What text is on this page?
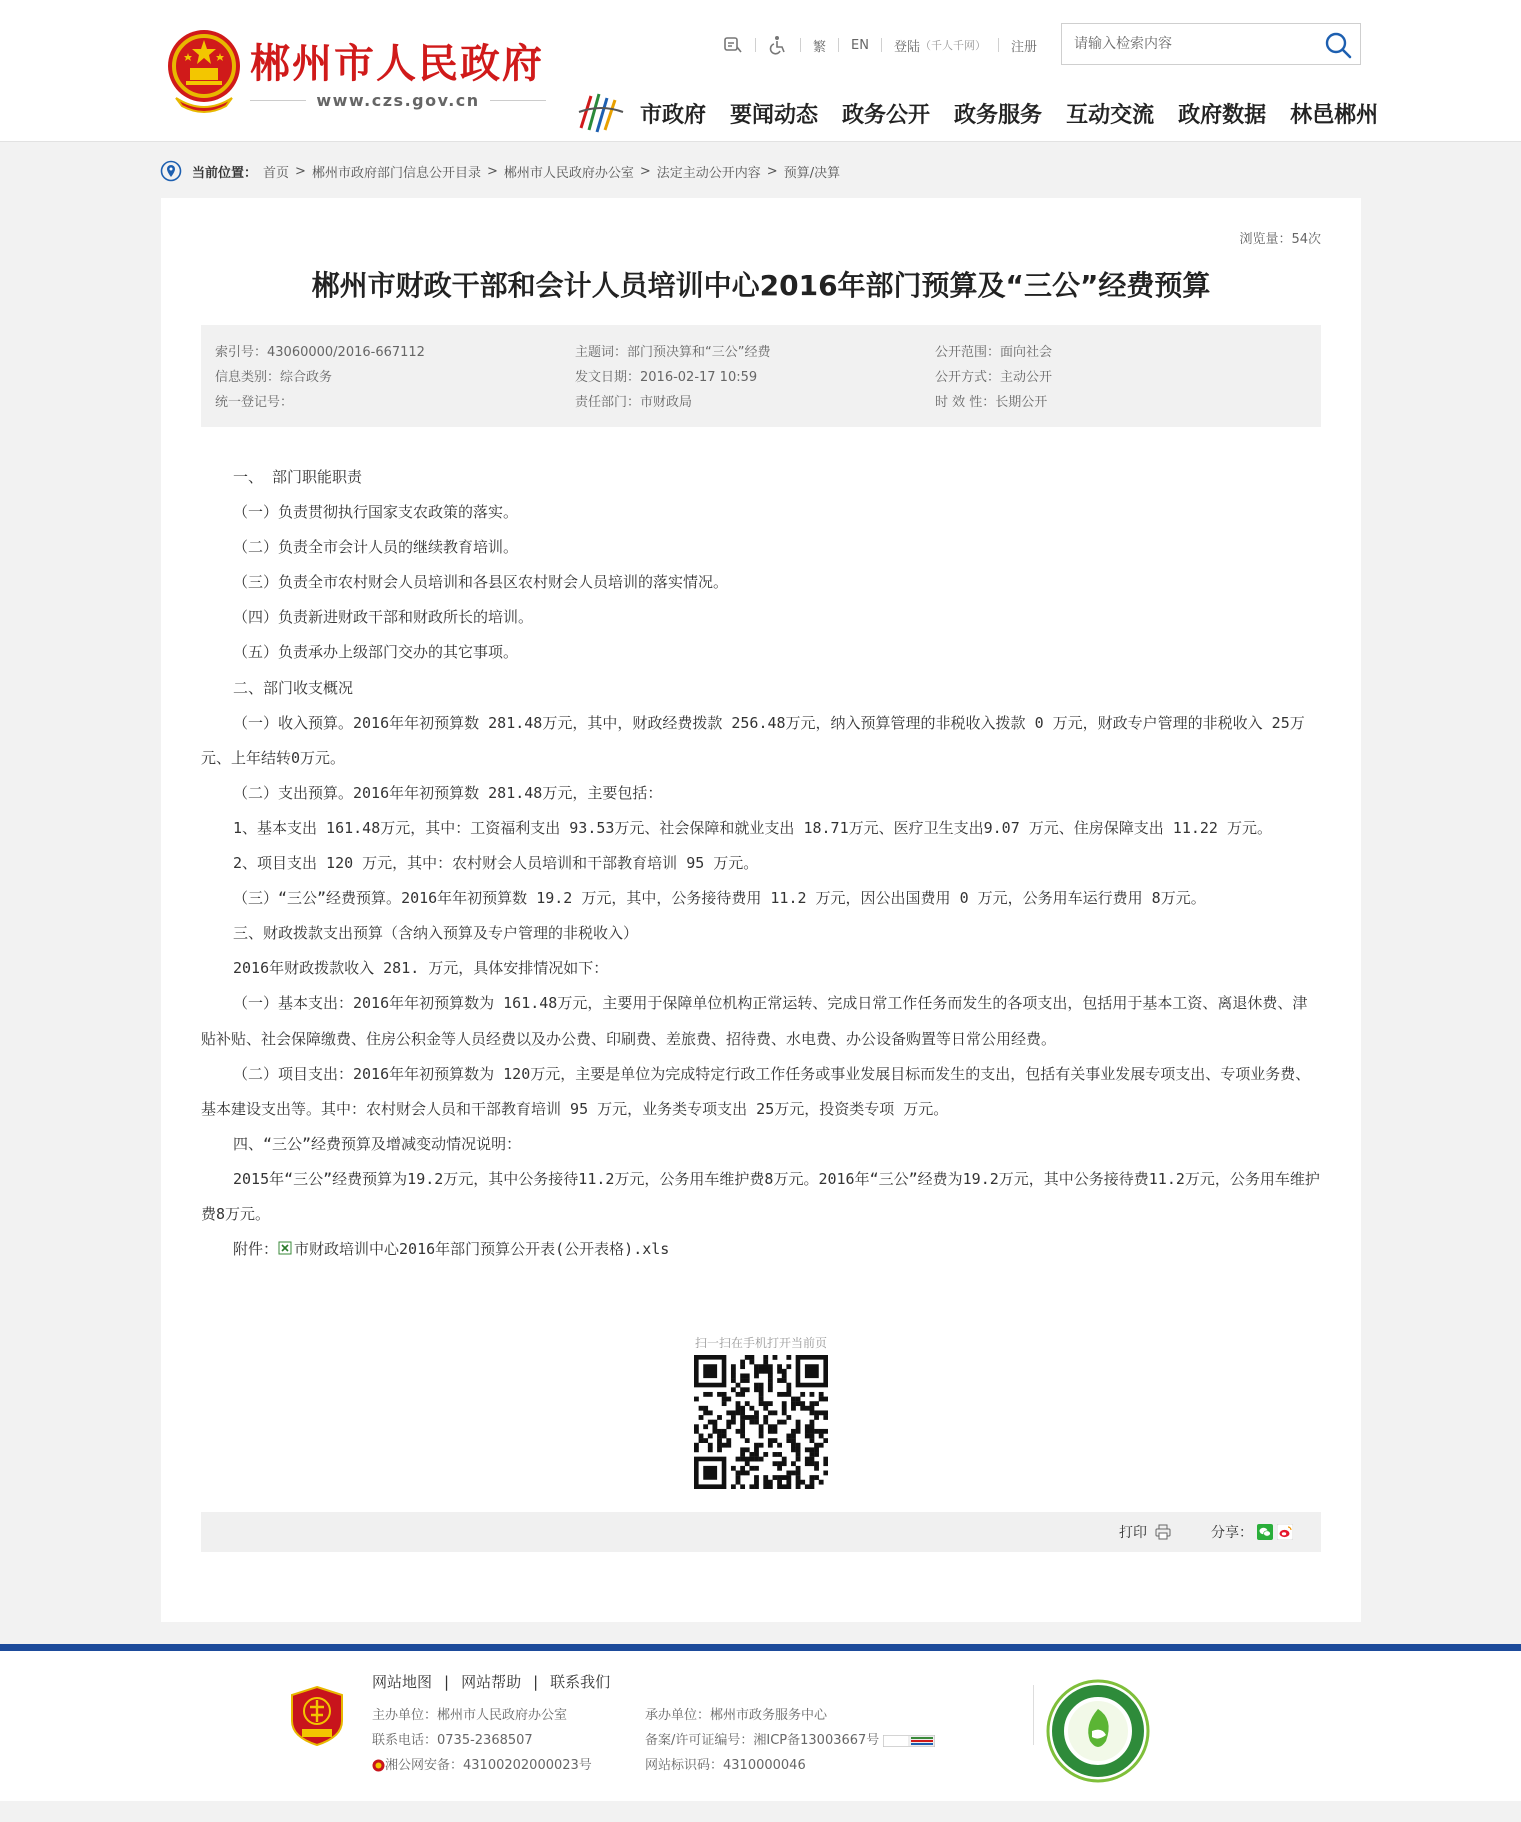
郴州市人民政府
www.czs.gov.cn
繁 EN 登陆 （千人千网） 注册
请输入检索内容
市政府 要闻动态 政务公开 政务服务 互动交流 政府数据 林邑郴州
当前位置： 首页 > 郴州市政府部门信息公开目录 > 郴州市人民政府办公室 > 法定主动公开内容 > 预算/决算
浏览量：54次
郴州市财政干部和会计人员培训中心2016年部门预算及“三公”经费预算
索引号：43060000/2016-667112
信息类别：综合政务
统一登记号：
主题词：部门预决算和“三公”经费
发文日期：2016-02-17 10:59
责任部门：市财政局
公开范围：面向社会
公开方式：主动公开
时 效 性：长期公开

一、 部门职能职责

（一）负责贯彻执行国家支农政策的落实。

（二）负责全市会计人员的继续教育培训。

（三）负责全市农村财会人员培训和各县区农村财会人员培训的落实情况。

（四）负责新进财政干部和财政所长的培训。

（五）负责承办上级部门交办的其它事项。

二、部门收支概况

（一）收入预算。2016年年初预算数 281.48万元，其中，财政经费拨款 256.48万元，纳入预算管理的非税收入拨款 0 万元，财政专户管理的非税收入 25万元、上年结转0万元。

（二）支出预算。2016年年初预算数 281.48万元，主要包括：

1、基本支出 161.48万元，其中：工资福利支出 93.53万元、社会保障和就业支出 18.71万元、医疗卫生支出9.07 万元、住房保障支出 11.22 万元。

2、项目支出 120 万元，其中：农村财会人员培训和干部教育培训 95 万元。

（三）“三公”经费预算。2016年年初预算数 19.2 万元，其中，公务接待费用 11.2 万元，因公出国费用 0 万元，公务用车运行费用 8万元。

三、财政拨款支出预算（含纳入预算及专户管理的非税收入）

2016年财政拨款收入 281. 万元，具体安排情况如下：

（一）基本支出：2016年年初预算数为 161.48万元，主要用于保障单位机构正常运转、完成日常工作任务而发生的各项支出，包括用于基本工资、离退休费、津贴补贴、社会保障缴费、住房公积金等人员经费以及办公费、印刷费、差旅费、招待费、水电费、办公设备购置等日常公用经费。

（二）项目支出：2016年年初预算数为 120万元，主要是单位为完成特定行政工作任务或事业发展目标而发生的支出，包括有关事业发展专项支出、专项业务费、基本建设支出等。其中：农村财会人员和干部教育培训 95 万元，业务类专项支出 25万元，投资类专项 万元。

四、“三公”经费预算及增减变动情况说明：

2015年“三公”经费预算为19.2万元，其中公务接待11.2万元，公务用车维护费8万元。2016年“三公”经费为19.2万元，其中公务接待费11.2万元，公务用车维护费8万元。

附件： 市财政培训中心2016年部门预算公开表(公开表格).xls

扫一扫在手机打开当前页
打印	分享：
网站地图 | 网站帮助 | 联系我们
主办单位：郴州市人民政府办公室
联系电话：0735-2368507
湘公网安备：43100202000023号
承办单位：郴州市政务服务中心
备案/许可证编号：湘ICP备13003667号
网站标识码：4310000046
